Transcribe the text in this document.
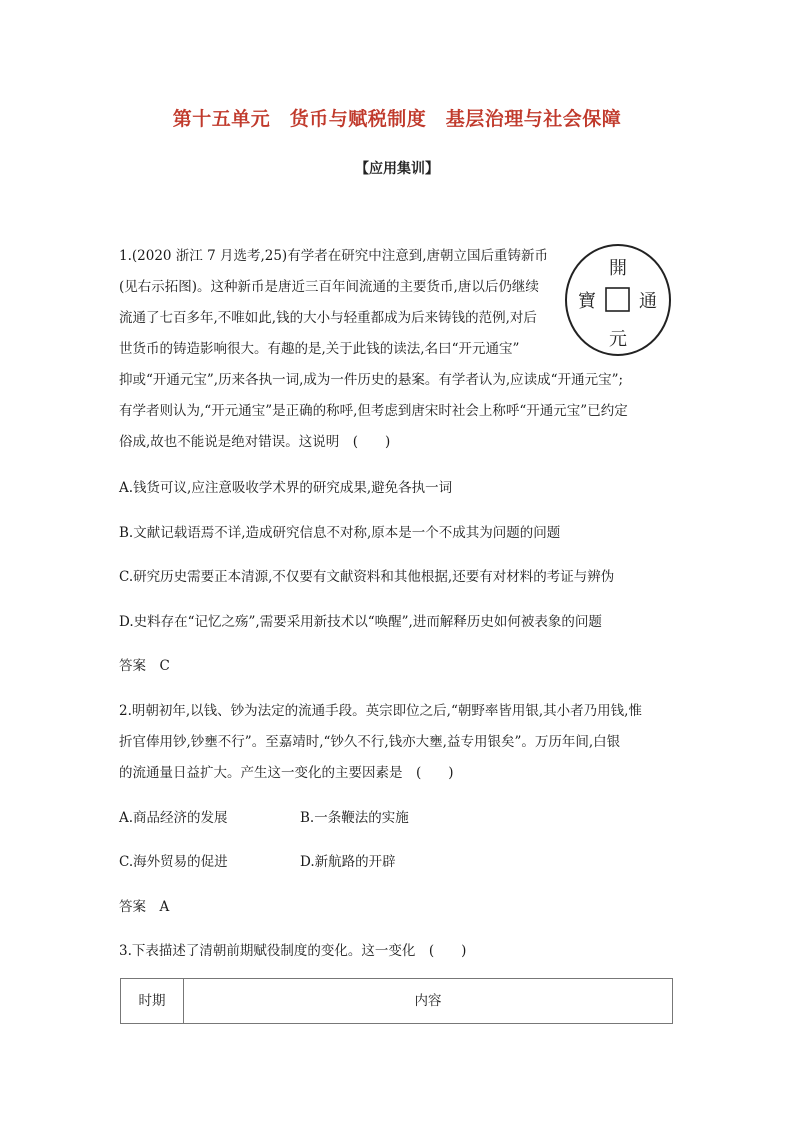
第十五单元　货币与赋税制度　基层治理与社会保障
【应用集训】
1.(2020 浙江 7 月选考,25)有学者在研究中注意到,唐朝立国后重铸新币
(见右示拓图)。这种新币是唐近三百年间流通的主要货币,唐以后仍继续
流通了七百多年,不唯如此,钱的大小与轻重都成为后来铸钱的范例,对后
世货币的铸造影响很大。有趣的是,关于此钱的读法,名曰“开元通宝”
抑或“开通元宝”,历来各执一词,成为一件历史的悬案。有学者认为,应读成“开通元宝”;
有学者则认为,“开元通宝”是正确的称呼,但考虑到唐宋时社会上称呼“开通元宝”已约定
俗成,故也不能说是绝对错误。这说明　(　　)
開
通
元
寶
A.钱货可议,应注意吸收学术界的研究成果,避免各执一词
B.文献记载语焉不详,造成研究信息不对称,原本是一个不成其为问题的问题
C.研究历史需要正本清源,不仅要有文献资料和其他根据,还要有对材料的考证与辨伪
D.史料存在“记忆之殇”,需要采用新技术以“唤醒”,进而解释历史如何被表象的问题
答案　C
2.明朝初年,以钱、钞为法定的流通手段。英宗即位之后,“朝野率皆用银,其小者乃用钱,惟
折官俸用钞,钞壅不行”。至嘉靖时,“钞久不行,钱亦大壅,益专用银矣”。万历年间,白银
的流通量日益扩大。产生这一变化的主要因素是　(　　)
A.商品经济的发展	B.一条鞭法的实施
C.海外贸易的促进	D.新航路的开辟
答案　A
3.下表描述了清朝前期赋役制度的变化。这一变化　(　　)
时期	内容
